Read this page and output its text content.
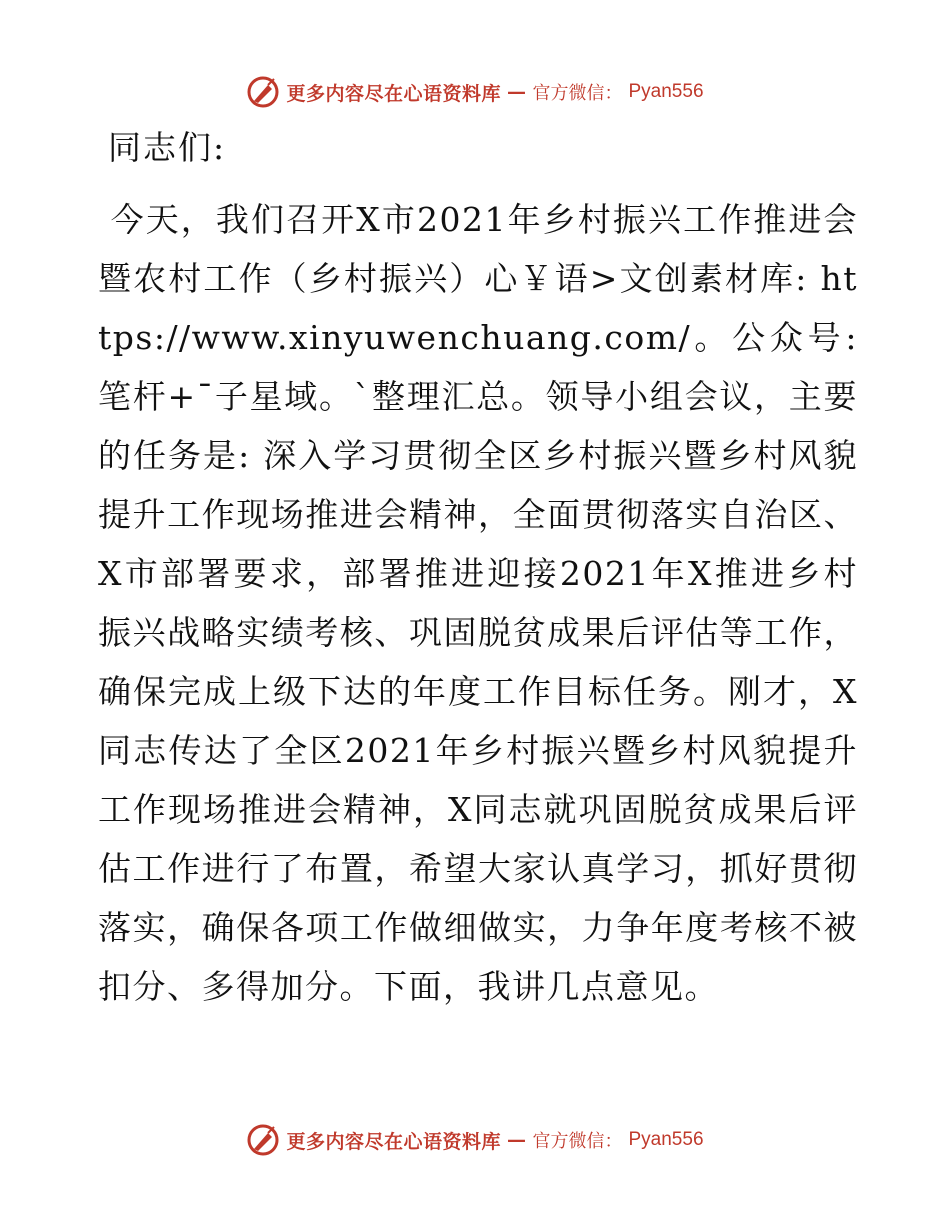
更多内容尽在心语资料库 — 官方微信： Pyan556
同志们:

今天，我们召开X市2021年乡村振兴工作推进会暨农村工作（乡村振兴）心￥语>文创素材库: https://www.xinyuwenchuang.com/。公众号: 笔杆+¯子星域。`整理汇总。领导小组会议，主要的任务是: 深入学习贯彻全区乡村振兴暨乡村风貌提升工作现场推进会精神，全面贯彻落实自治区、X市部署要求，部署推进迎接2021年X推进乡村振兴战略实绩考核、巩固脱贫成果后评估等工作，确保完成上级下达的年度工作目标任务。刚才，X同志传达了全区2021年乡村振兴暨乡村风貌提升工作现场推进会精神，X同志就巩固脱贫成果后评估工作进行了布置，希望大家认真学习，抓好贯彻落实，确保各项工作做细做实，力争年度考核不被扣分、多得加分。下面，我讲几点意见。

更多内容尽在心语资料库 — 官方微信： Pyan556
